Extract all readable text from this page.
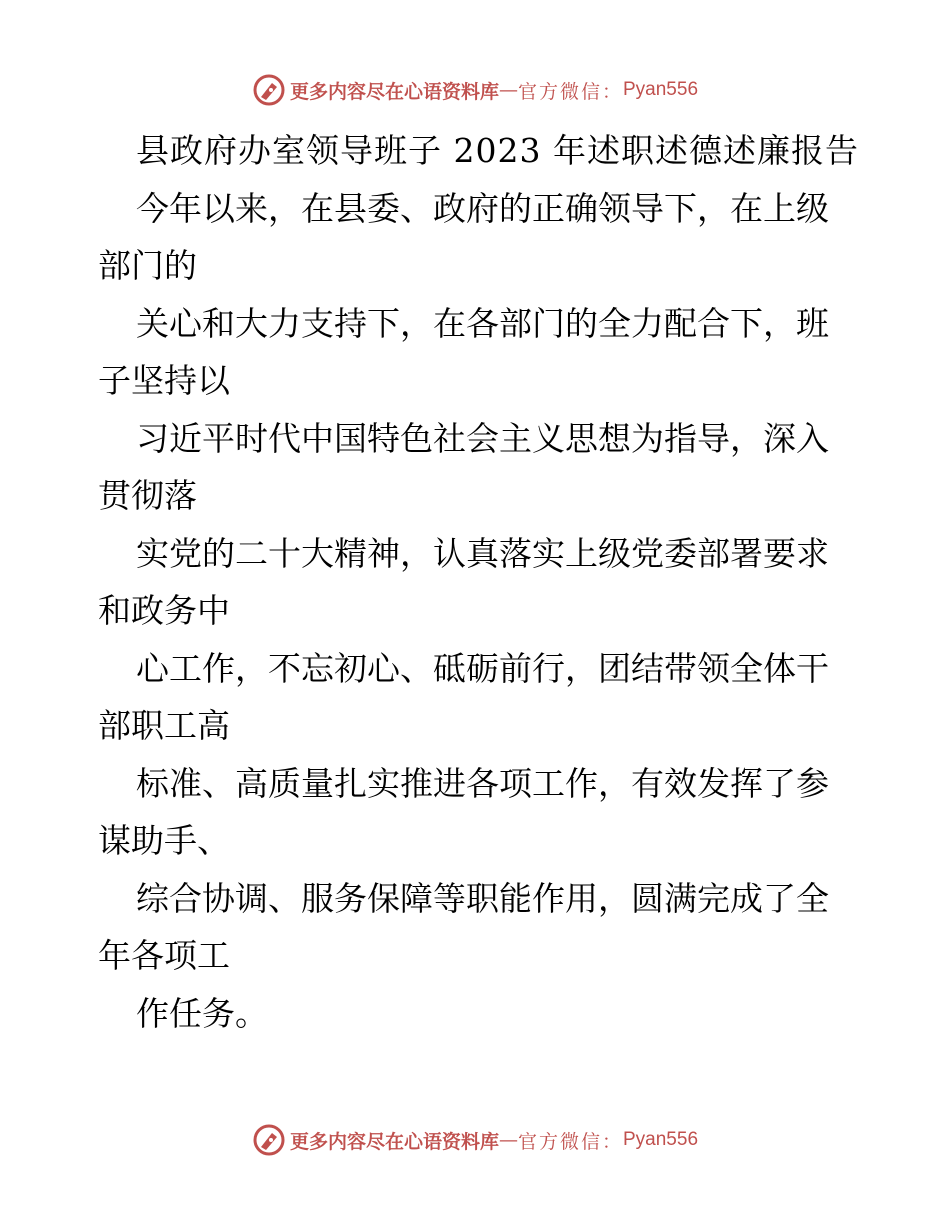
更多内容尽在心语资料库 — 官方微信： Pyan556

县政府办室领导班子 2023 年述职述德述廉报告

今年以来，在县委、政府的正确领导下，在上级

部门的

关心和大力支持下，在各部门的全力配合下，班

子坚持以

习近平时代中国特色社会主义思想为指导，深入

贯彻落

实党的二十大精神，认真落实上级党委部署要求

和政务中

心工作，不忘初心、砥砺前行，团结带领全体干

部职工高

标准、高质量扎实推进各项工作，有效发挥了参

谋助手、

综合协调、服务保障等职能作用，圆满完成了全

年各项工

作任务。

更多内容尽在心语资料库 — 官方微信： Pyan556
